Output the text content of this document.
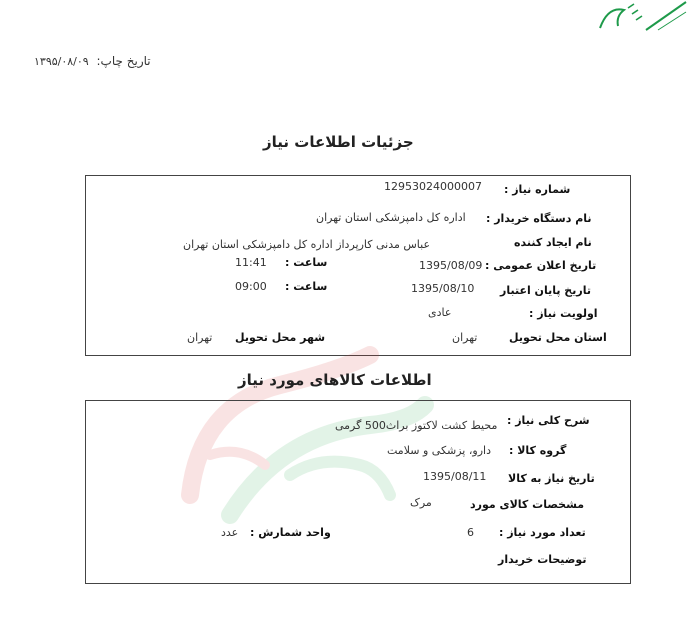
تاریخ چاپ: ۱۳۹۵/۰۸/۰۹
جزئیات اطلاعات نیاز
شماره نیاز :
12953024000007
نام دستگاه خریدار :
اداره کل دامپزشکی استان تهران
نام ایجاد کننده
عباس مدنی کارپرداز اداره کل دامپزشکی استان تهران
تاریخ اعلان عمومی :
1395/08/09
ساعت :
11:41
تاریخ پایان اعتبار
1395/08/10
ساعت :
09:00
اولویت نیاز :
عادی
استان محل تحویل
تهران
شهر محل تحویل
تهران
اطلاعات کالاهای مورد نیاز
شرح کلی نیاز :
محیط کشت لاکتوز براث500 گرمی
گروه کالا :
دارو، پزشکی و سلامت
تاریخ نیاز به کالا
1395/08/11
مشخصات کالای مورد
مرک
تعداد مورد نیاز :
6
واحد شمارش :
عدد
توضیحات خریدار
